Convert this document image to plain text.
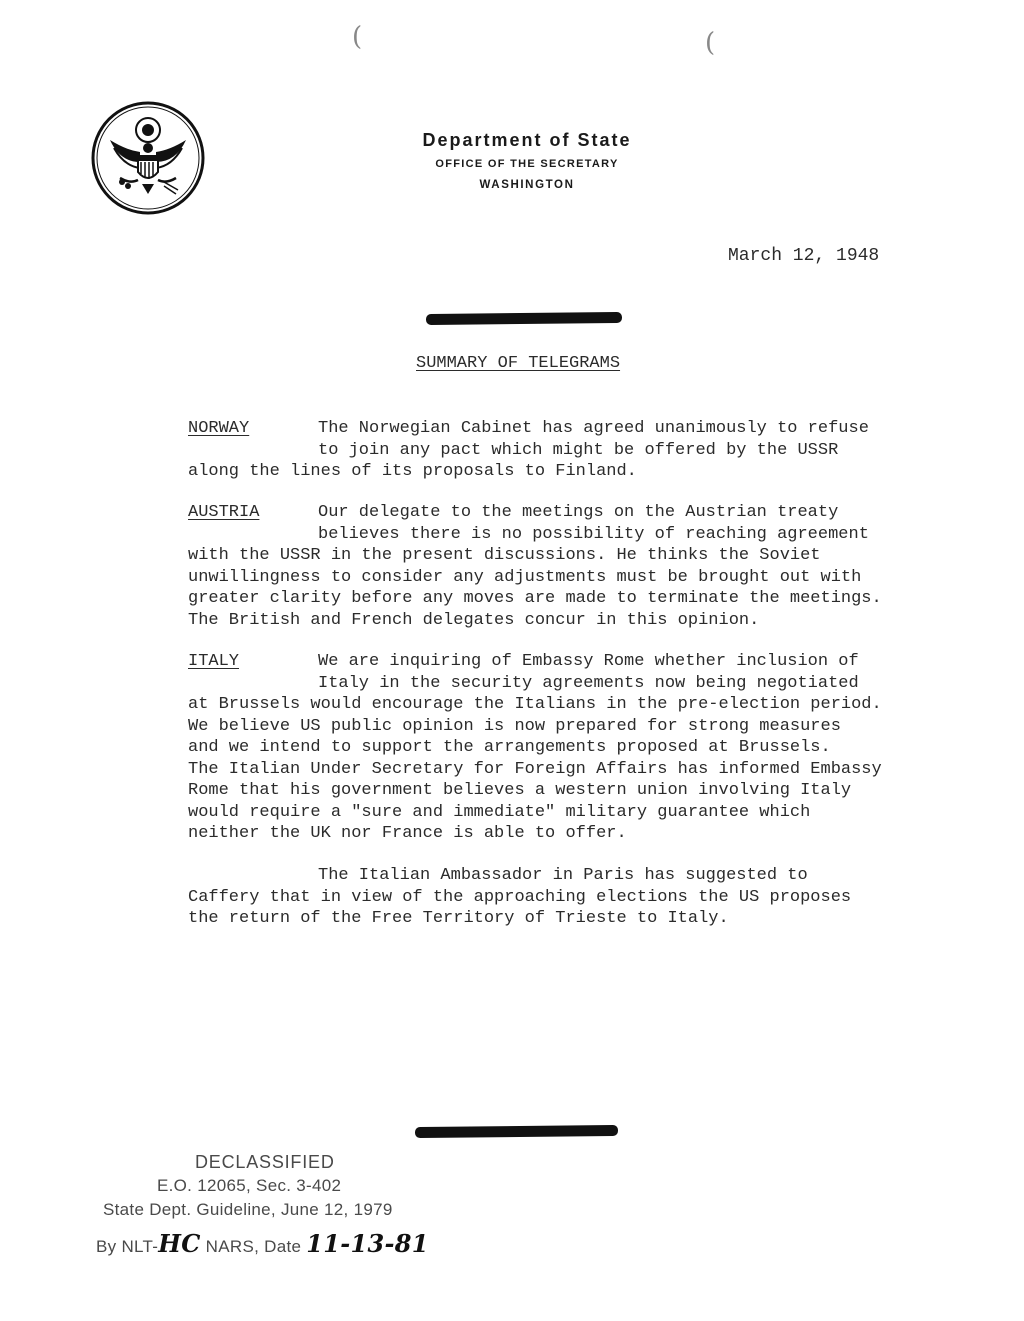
(	(
Department of State
OFFICE OF THE SECRETARY
WASHINGTON
March 12, 1948
SUMMARY OF TELEGRAMS
NORWAY	The Norwegian Cabinet has agreed unanimously to refuse
to join any pact which might be offered by the USSR
along the lines of its proposals to Finland.
AUSTRIA	Our delegate to the meetings on the Austrian treaty
believes there is no possibility of reaching agreement
with the USSR in the present discussions. He thinks the Soviet
unwillingness to consider any adjustments must be brought out with
greater clarity before any moves are made to terminate the meetings.
The British and French delegates concur in this opinion.
ITALY	We are inquiring of Embassy Rome whether inclusion of
Italy in the security agreements now being negotiated
at Brussels would encourage the Italians in the pre-election period.
We believe US public opinion is now prepared for strong measures
and we intend to support the arrangements proposed at Brussels.
The Italian Under Secretary for Foreign Affairs has informed Embassy
Rome that his government believes a western union involving Italy
would require a "sure and immediate" military guarantee which
neither the UK nor France is able to offer.
The Italian Ambassador in Paris has suggested to
Caffery that in view of the approaching elections the US proposes
the return of the Free Territory of Trieste to Italy.
DECLASSIFIED
E.O. 12065, Sec. 3-402
State Dept. Guideline, June 12, 1979
By NLT-HC NARS, Date 11-13-81
